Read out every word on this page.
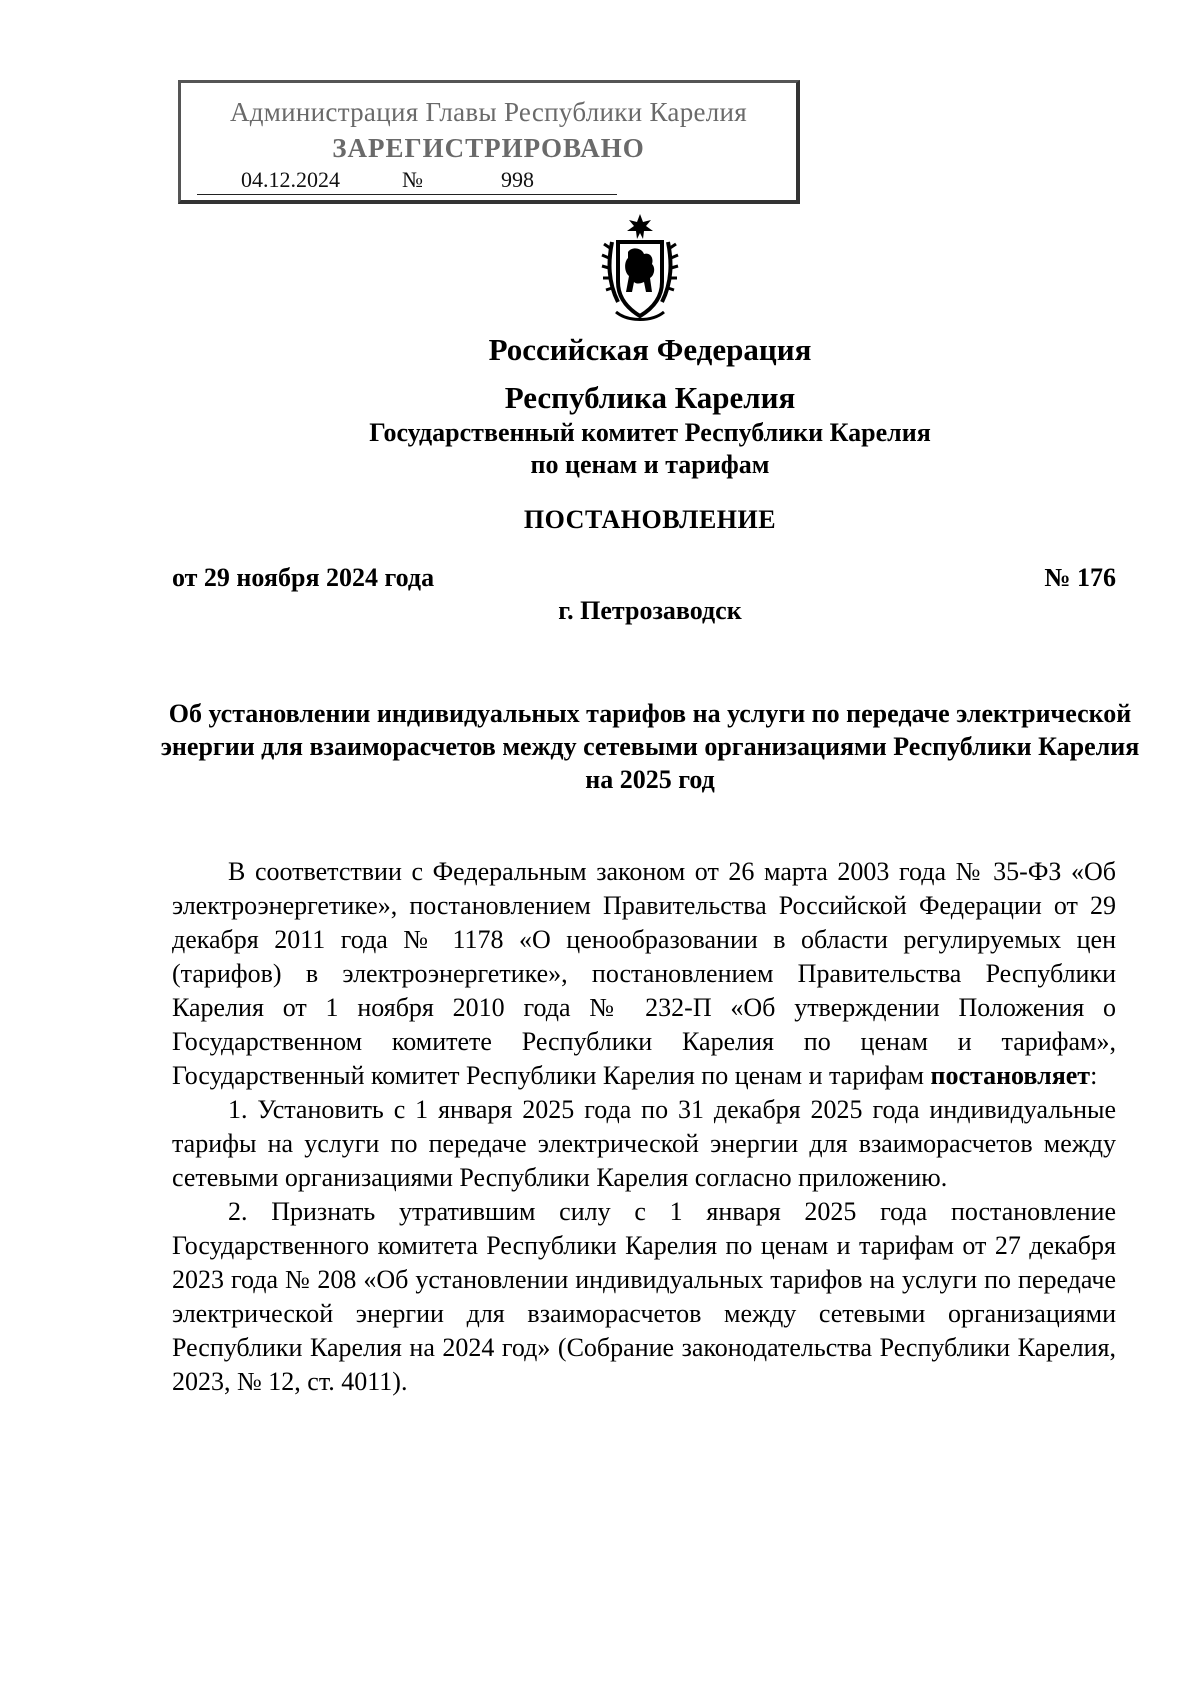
Администрация Главы Республики Карелия
ЗАРЕГИСТРИРОВАНО
04.12.2024	№	998
Российская Федерация
Республика Карелия
Государственный комитет Республики Карелия
по ценам и тарифам
ПОСТАНОВЛЕНИЕ
от 29 ноября 2024 года	№ 176
г. Петрозаводск
Об установлении индивидуальных тарифов на услуги по передаче электрической энергии для взаиморасчетов между сетевыми организациями Республики Карелия на 2025 год

В соответствии с Федеральным законом от 26 марта 2003 года № 35-ФЗ «Об электроэнергетике», постановлением Правительства Российской Федерации от 29 декабря 2011 года № 1178 «О ценообразовании в области регулируемых цен (тарифов) в электроэнергетике», постановлением Правительства Республики Карелия от 1 ноября 2010 года № 232-П «Об утверждении Положения о Государственном комитете Республики Карелия по ценам и тарифам», Государственный комитет Республики Карелия по ценам и тарифам постановляет:

1. Установить с 1 января 2025 года по 31 декабря 2025 года индивидуальные тарифы на услуги по передаче электрической энергии для взаиморасчетов между сетевыми организациями Республики Карелия согласно приложению.

2. Признать утратившим силу с 1 января 2025 года постановление Государственного комитета Республики Карелия по ценам и тарифам от 27 декабря 2023 года № 208 «Об установлении индивидуальных тарифов на услуги по передаче электрической энергии для взаиморасчетов между сетевыми организациями Республики Карелия на 2024 год» (Собрание законодательства Республики Карелия, 2023, № 12, ст. 4011).
